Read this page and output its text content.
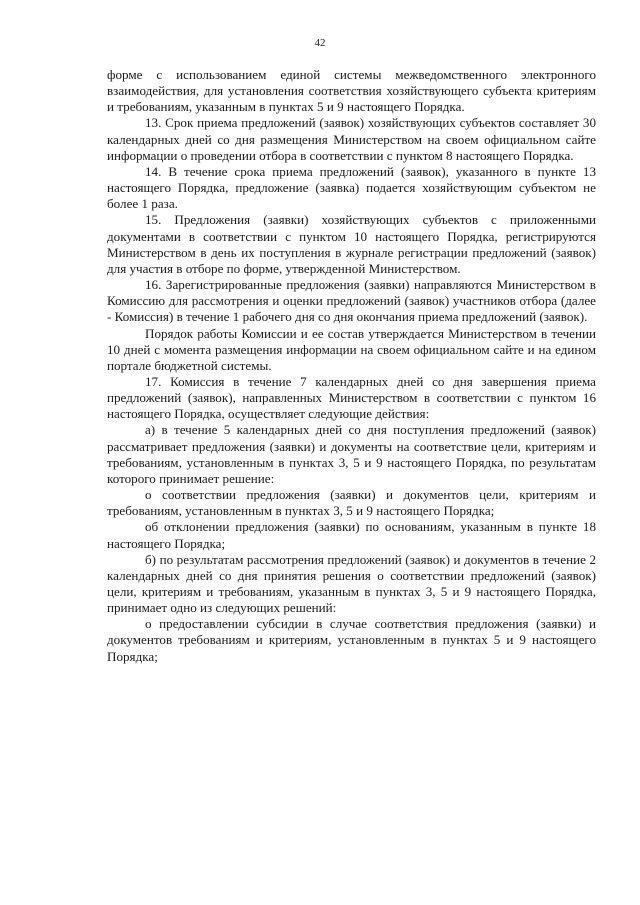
42

форме с использованием единой системы межведомственного электронного взаимодействия, для установления соответствия хозяйствующего субъекта критериям и требованиям, указанным в пунктах 5 и 9 настоящего Порядка.

13. Срок приема предложений (заявок) хозяйствующих субъектов составляет 30 календарных дней со дня размещения Министерством на своем официальном сайте информации о проведении отбора в соответствии с пунктом 8 настоящего Порядка.

14. В течение срока приема предложений (заявок), указанного в пункте 13 настоящего Порядка, предложение (заявка) подается хозяйствующим субъектом не более 1 раза.

15. Предложения (заявки) хозяйствующих субъектов с приложенными документами в соответствии с пунктом 10 настоящего Порядка, регистрируются Министерством в день их поступления в журнале регистрации предложений (заявок) для участия в отборе по форме, утвержденной Министерством.

16. Зарегистрированные предложения (заявки) направляются Министерством в Комиссию для рассмотрения и оценки предложений (заявок) участников отбора (далее - Комиссия) в течение 1 рабочего дня со дня окончания приема предложений (заявок).

Порядок работы Комиссии и ее состав утверждается Министерством в течении 10 дней с момента размещения информации на своем официальном сайте и на едином портале бюджетной системы.

17. Комиссия в течение 7 календарных дней со дня завершения приема предложений (заявок), направленных Министерством в соответствии с пунктом 16 настоящего Порядка, осуществляет следующие действия:

а) в течение 5 календарных дней со дня поступления предложений (заявок) рассматривает предложения (заявки) и документы на соответствие цели, критериям и требованиям, установленным в пунктах 3, 5 и 9 настоящего Порядка, по результатам которого принимает решение:

о соответствии предложения (заявки) и документов цели, критериям и требованиям, установленным в пунктах 3, 5 и 9 настоящего Порядка;

об отклонении предложения (заявки) по основаниям, указанным в пункте 18 настоящего Порядка;

б) по результатам рассмотрения предложений (заявок) и документов в течение 2 календарных дней со дня принятия решения о соответствии предложений (заявок) цели, критериям и требованиям, указанным в пунктах 3, 5 и 9 настоящего Порядка, принимает одно из следующих решений:

о предоставлении субсидии в случае соответствия предложения (заявки) и документов требованиям и критериям, установленным в пунктах 5 и 9 настоящего Порядка;
